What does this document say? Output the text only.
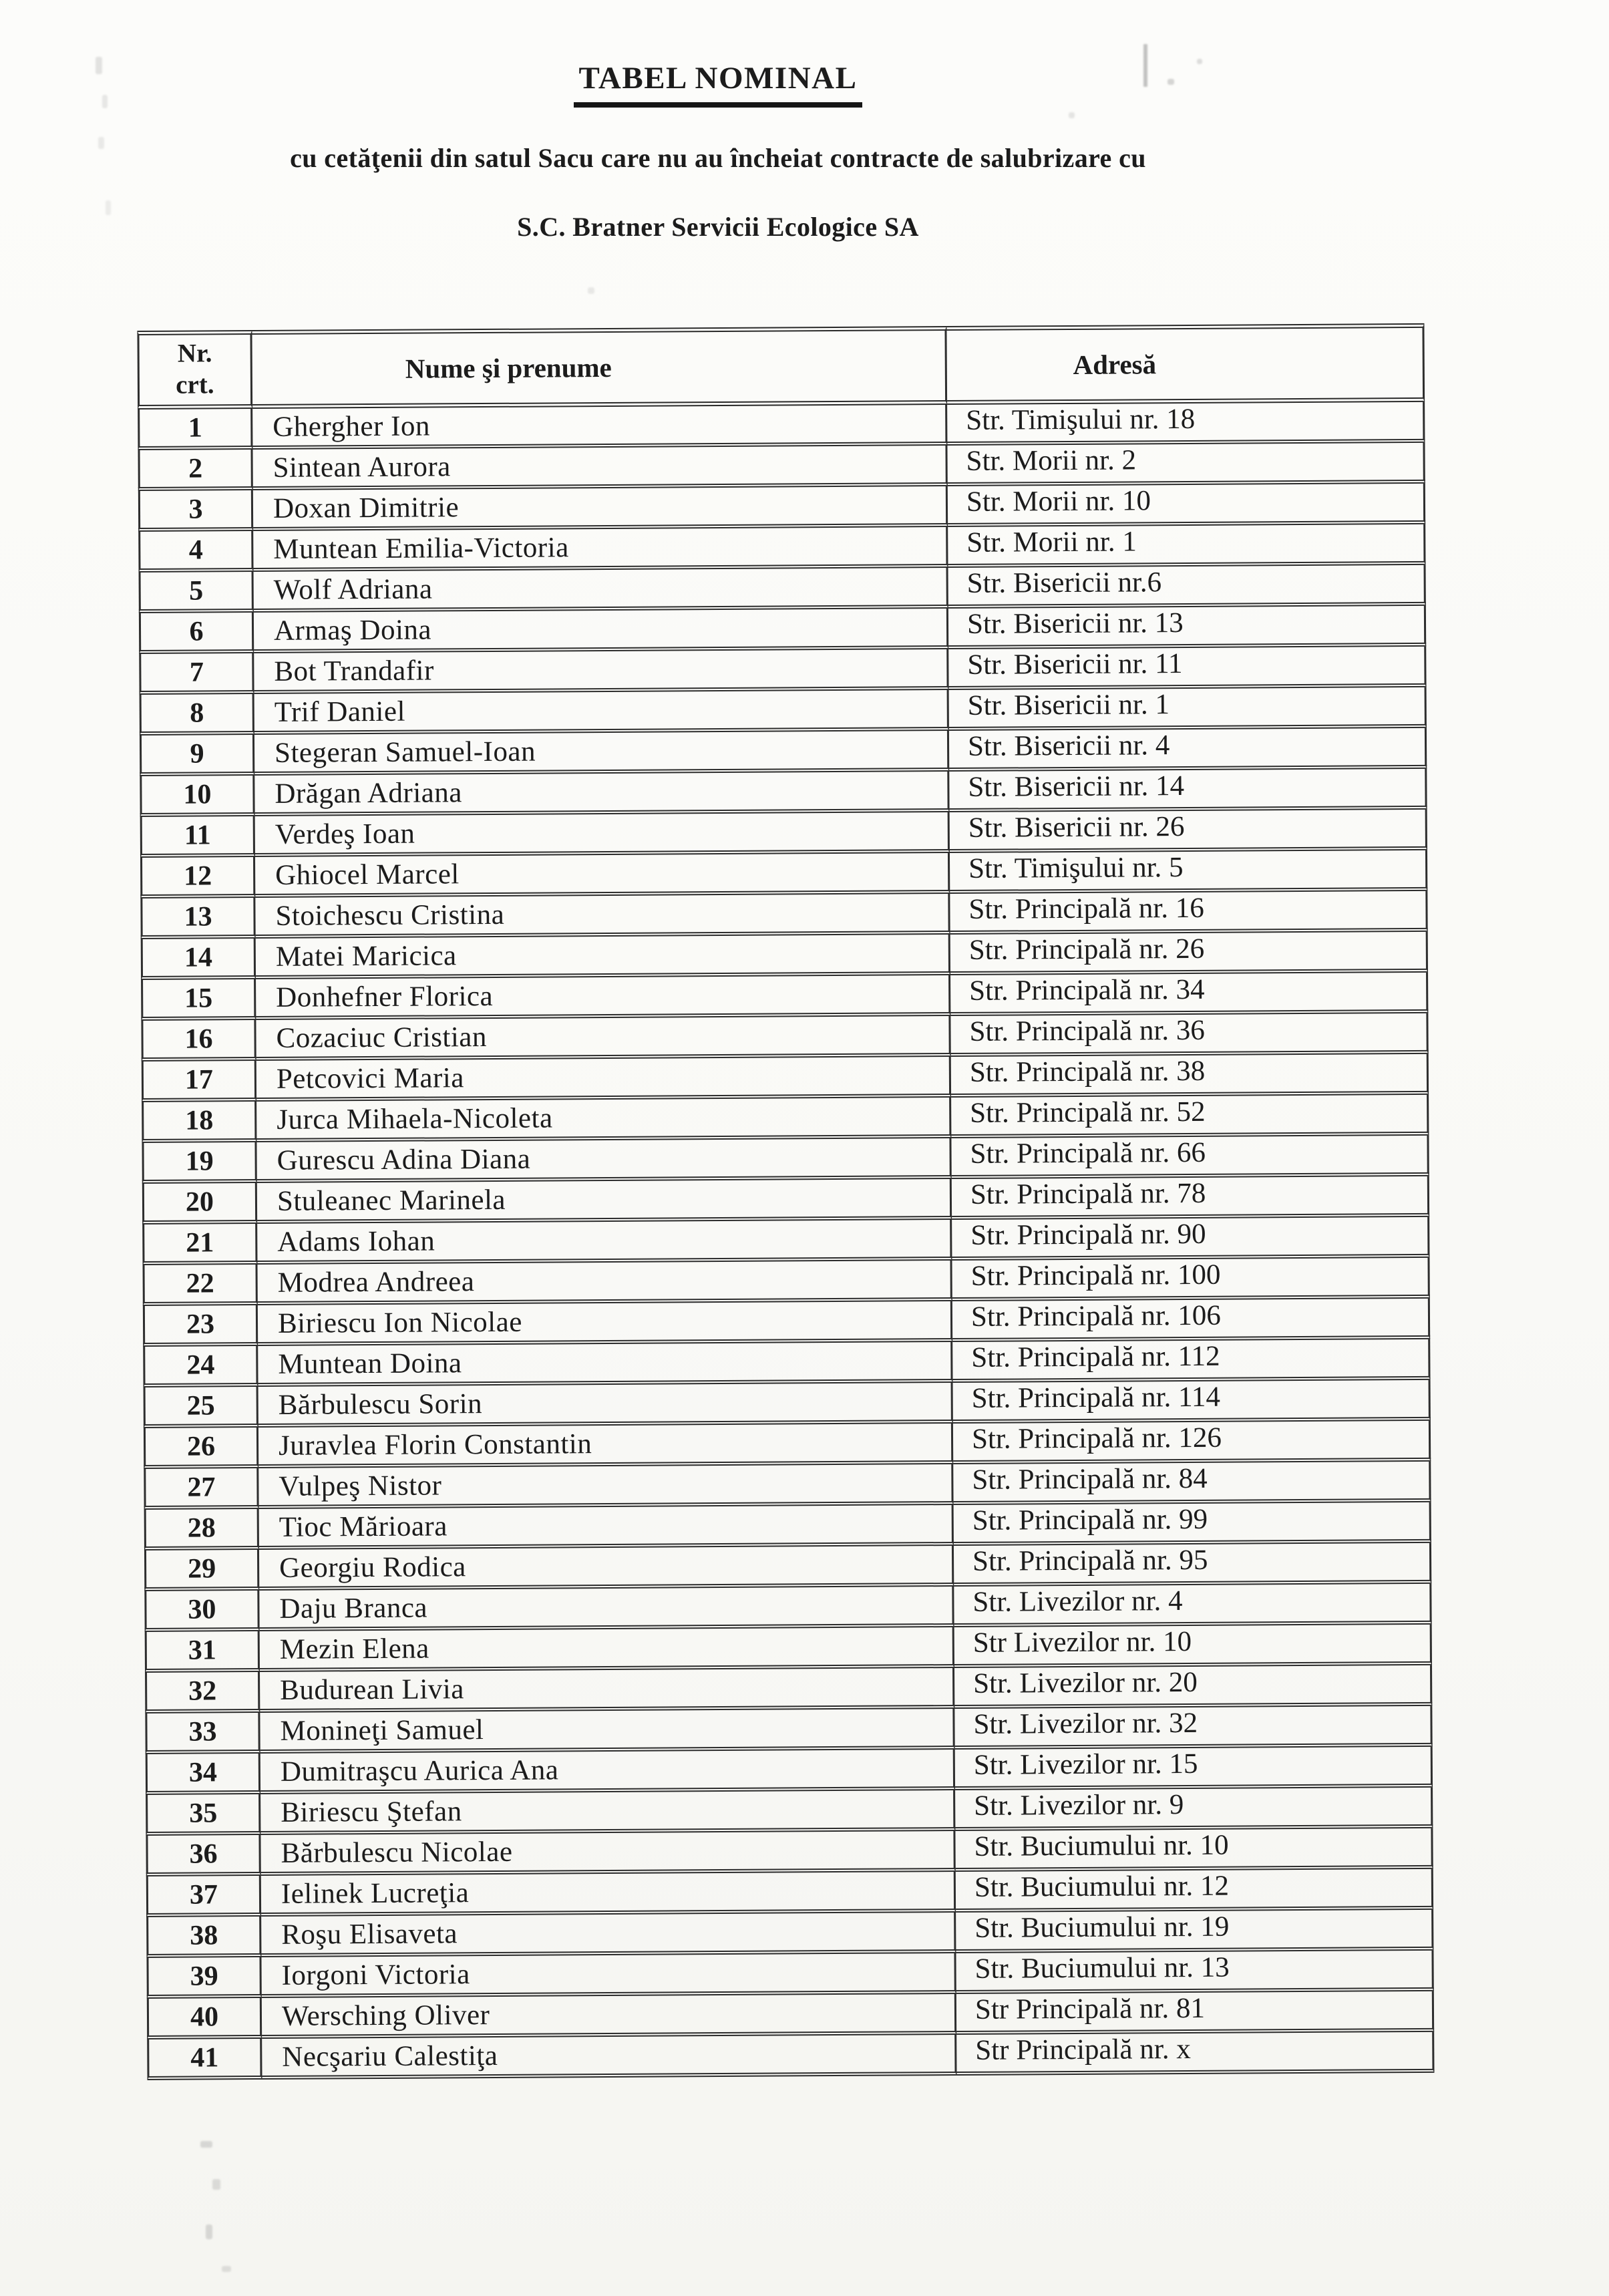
TABEL NOMINAL
cu cetăţenii din satul Sacu care nu au încheiat contracte de salubrizare cu
S.C. Bratner Servicii Ecologice SA
Nr.
crt.	Nume şi prenume	Adresă
1	Ghergher Ion	Str. Timişului nr. 18
2	Sintean Aurora	Str. Morii nr. 2
3	Doxan Dimitrie	Str. Morii nr. 10
4	Muntean Emilia-Victoria	Str. Morii nr. 1
5	Wolf Adriana	Str. Bisericii nr.6
6	Armaş Doina	Str. Bisericii nr. 13
7	Bot Trandafir	Str. Bisericii nr. 11
8	Trif Daniel	Str. Bisericii nr. 1
9	Stegeran Samuel-Ioan	Str. Bisericii nr. 4
10	Drăgan Adriana	Str. Bisericii nr. 14
11	Verdeş Ioan	Str. Bisericii nr. 26
12	Ghiocel Marcel	Str. Timişului nr. 5
13	Stoichescu Cristina	Str. Principală nr. 16
14	Matei Maricica	Str. Principală nr. 26
15	Donhefner Florica	Str. Principală nr. 34
16	Cozaciuc Cristian	Str. Principală nr. 36
17	Petcovici Maria	Str. Principală nr. 38
18	Jurca Mihaela-Nicoleta	Str. Principală nr. 52
19	Gurescu Adina Diana	Str. Principală nr. 66
20	Stuleanec Marinela	Str. Principală nr. 78
21	Adams Iohan	Str. Principală nr. 90
22	Modrea Andreea	Str. Principală nr. 100
23	Biriescu Ion Nicolae	Str. Principală nr. 106
24	Muntean Doina	Str. Principală nr. 112
25	Bărbulescu Sorin	Str. Principală nr. 114
26	Juravlea Florin Constantin	Str. Principală nr. 126
27	Vulpeş Nistor	Str. Principală nr. 84
28	Tioc Mărioara	Str. Principală nr. 99
29	Georgiu Rodica	Str. Principală nr. 95
30	Daju Branca	Str. Livezilor nr. 4
31	Mezin Elena	Str Livezilor nr. 10
32	Budurean Livia	Str. Livezilor nr. 20
33	Monineţi Samuel	Str. Livezilor nr. 32
34	Dumitraşcu Aurica Ana	Str. Livezilor nr. 15
35	Biriescu Ştefan	Str. Livezilor nr. 9
36	Bărbulescu Nicolae	Str. Buciumului nr. 10
37	Ielinek Lucreţia	Str. Buciumului nr. 12
38	Roşu Elisaveta	Str. Buciumului nr. 19
39	Iorgoni Victoria	Str. Buciumului nr. 13
40	Wersching Oliver	Str Principală nr. 81
41	Necşariu Calestiţa	Str Principală nr. x
